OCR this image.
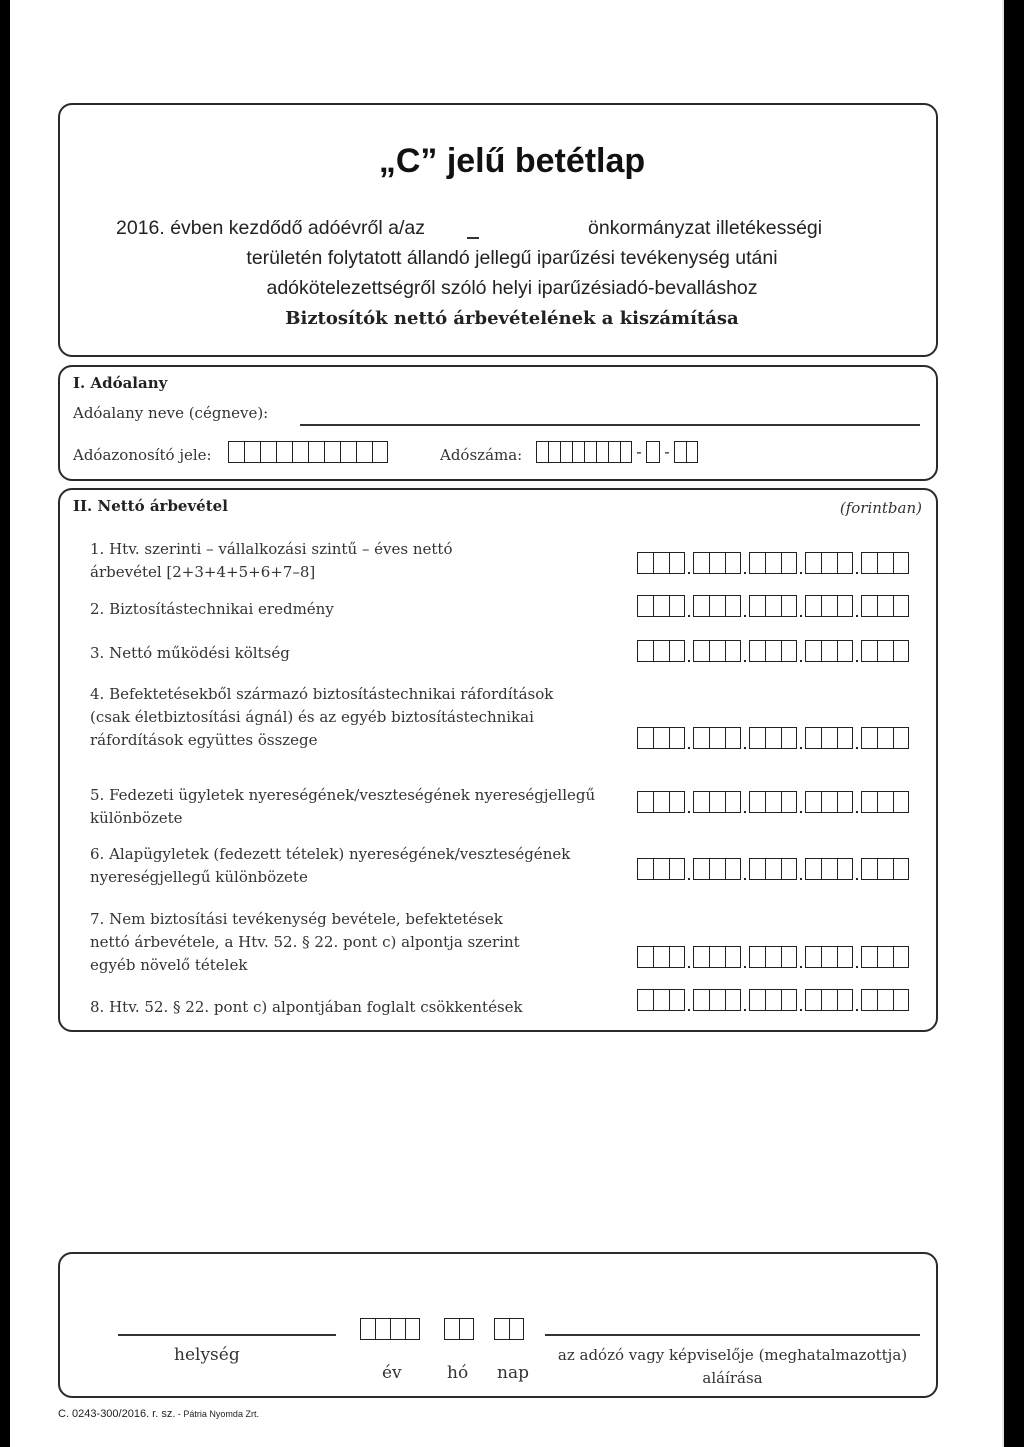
„C” jelű betétlap
2016. évben kezdődő adóévről a/az	önkormányzat illetékességi
területén folytatott állandó jellegű iparűzési tevékenység utáni
adókötelezettségről szóló helyi iparűzésiadó-bevalláshoz
Biztosítók nettó árbevételének a kiszámítása
I. Adóalany
Adóalany neve (cégneve):
Adóazonosító jele:	Adószáma:	- -
II. Nettó árbevétel	(forintban)
1. Htv. szerinti – vállalkozási szintű – éves nettó
árbevétel [2+3+4+5+6+7–8]
2. Biztosítástechnikai eredmény
3. Nettó működési költség
4. Befektetésekből származó biztosítástechnikai ráfordítások
(csak életbiztosítási ágnál) és az egyéb biztosítástechnikai
ráfordítások együttes összege
5. Fedezeti ügyletek nyereségének/veszteségének nyereségjellegű
különbözete
6. Alapügyletek (fedezett tételek) nyereségének/veszteségének
nyereségjellegű különbözete
7. Nem biztosítási tevékenység bevétele, befektetések
nettó árbevétele, a Htv. 52. § 22. pont c) alpontja szerint
egyéb növelő tételek
8. Htv. 52. § 22. pont c) alpontjában foglalt csökkentések
helység
év	hó nap
az adózó vagy képviselője (meghatalmazottja)
aláírása
C. 0243-300/2016. r. sz. - Pátria Nyomda Zrt.
